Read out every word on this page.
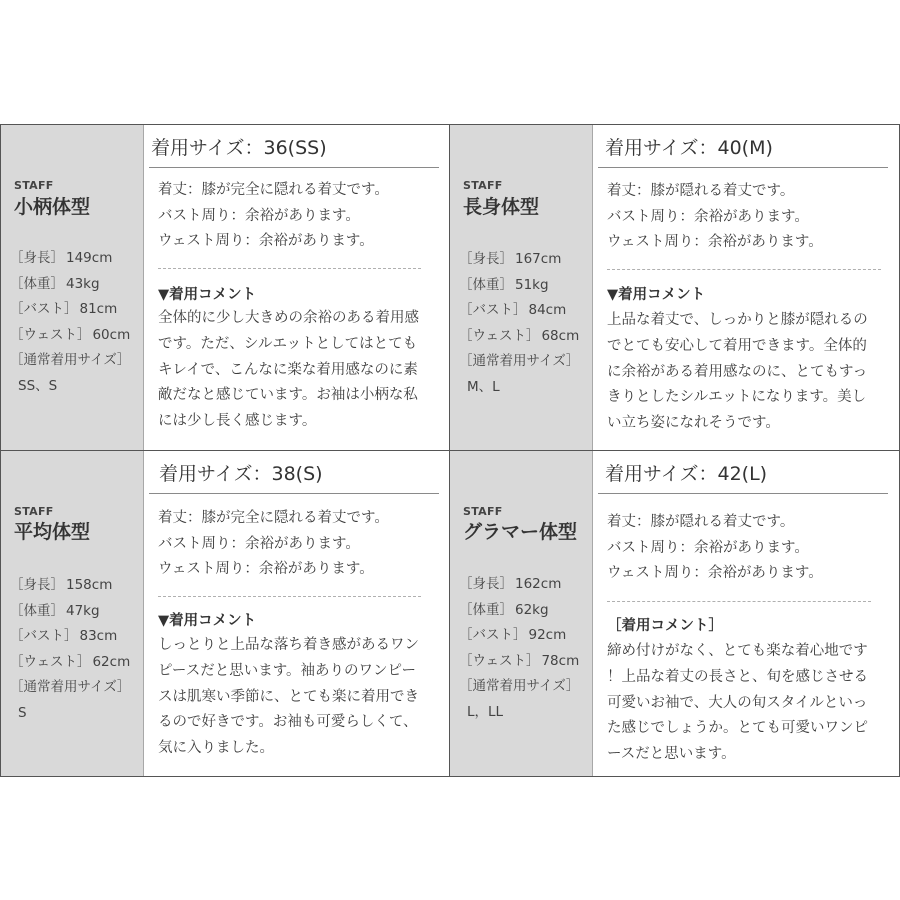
STAFF
小柄体型
［身長］ 149cm
［体重］ 43kg
［バスト］ 81cm
［ウェスト］ 60cm
［通常着用サイズ］
SS、S
着用サイズ：36(SS)
着丈：膝が完全に隠れる着丈です。
バスト周り：余裕があります。
ウェスト周り：余裕があります。
▼着用コメント
全体的に少し大きめの余裕のある着用感
です。ただ、シルエットとしてはとても
キレイで、こんなに楽な着用感なのに素
敵だなと感じています。お袖は小柄な私
には少し長く感じます。
STAFF
長身体型
［身長］ 167cm
［体重］ 51kg
［バスト］ 84cm
［ウェスト］ 68cm
［通常着用サイズ］
M、L
着用サイズ：40(M)
着丈：膝が隠れる着丈です。
バスト周り：余裕があります。
ウェスト周り：余裕があります。
▼着用コメント
上品な着丈で、しっかりと膝が隠れるの
でとても安心して着用できます。全体的
に余裕がある着用感なのに、とてもすっ
きりとしたシルエットになります。美し
い立ち姿になれそうです。
STAFF
平均体型
［身長］ 158cm
［体重］ 47kg
［バスト］ 83cm
［ウェスト］ 62cm
［通常着用サイズ］
S
着用サイズ：38(S)
着丈：膝が完全に隠れる着丈です。
バスト周り：余裕があります。
ウェスト周り：余裕があります。
▼着用コメント
しっとりと上品な落ち着き感があるワン
ピースだと思います。袖ありのワンピー
スは肌寒い季節に、とても楽に着用でき
るので好きです。お袖も可愛らしくて、
気に入りました。
STAFF
グラマー体型
［身長］ 162cm
［体重］ 62kg
［バスト］ 92cm
［ウェスト］ 78cm
［通常着用サイズ］
L，LL
着用サイズ：42(L)
着丈：膝が隠れる着丈です。
バスト周り：余裕があります。
ウェスト周り：余裕があります。
［着用コメント］
締め付けがなく、とても楽な着心地です
！上品な着丈の長さと、旬を感じさせる
可愛いお袖で、大人の旬スタイルといっ
た感じでしょうか。とても可愛いワンピ
ースだと思います。
